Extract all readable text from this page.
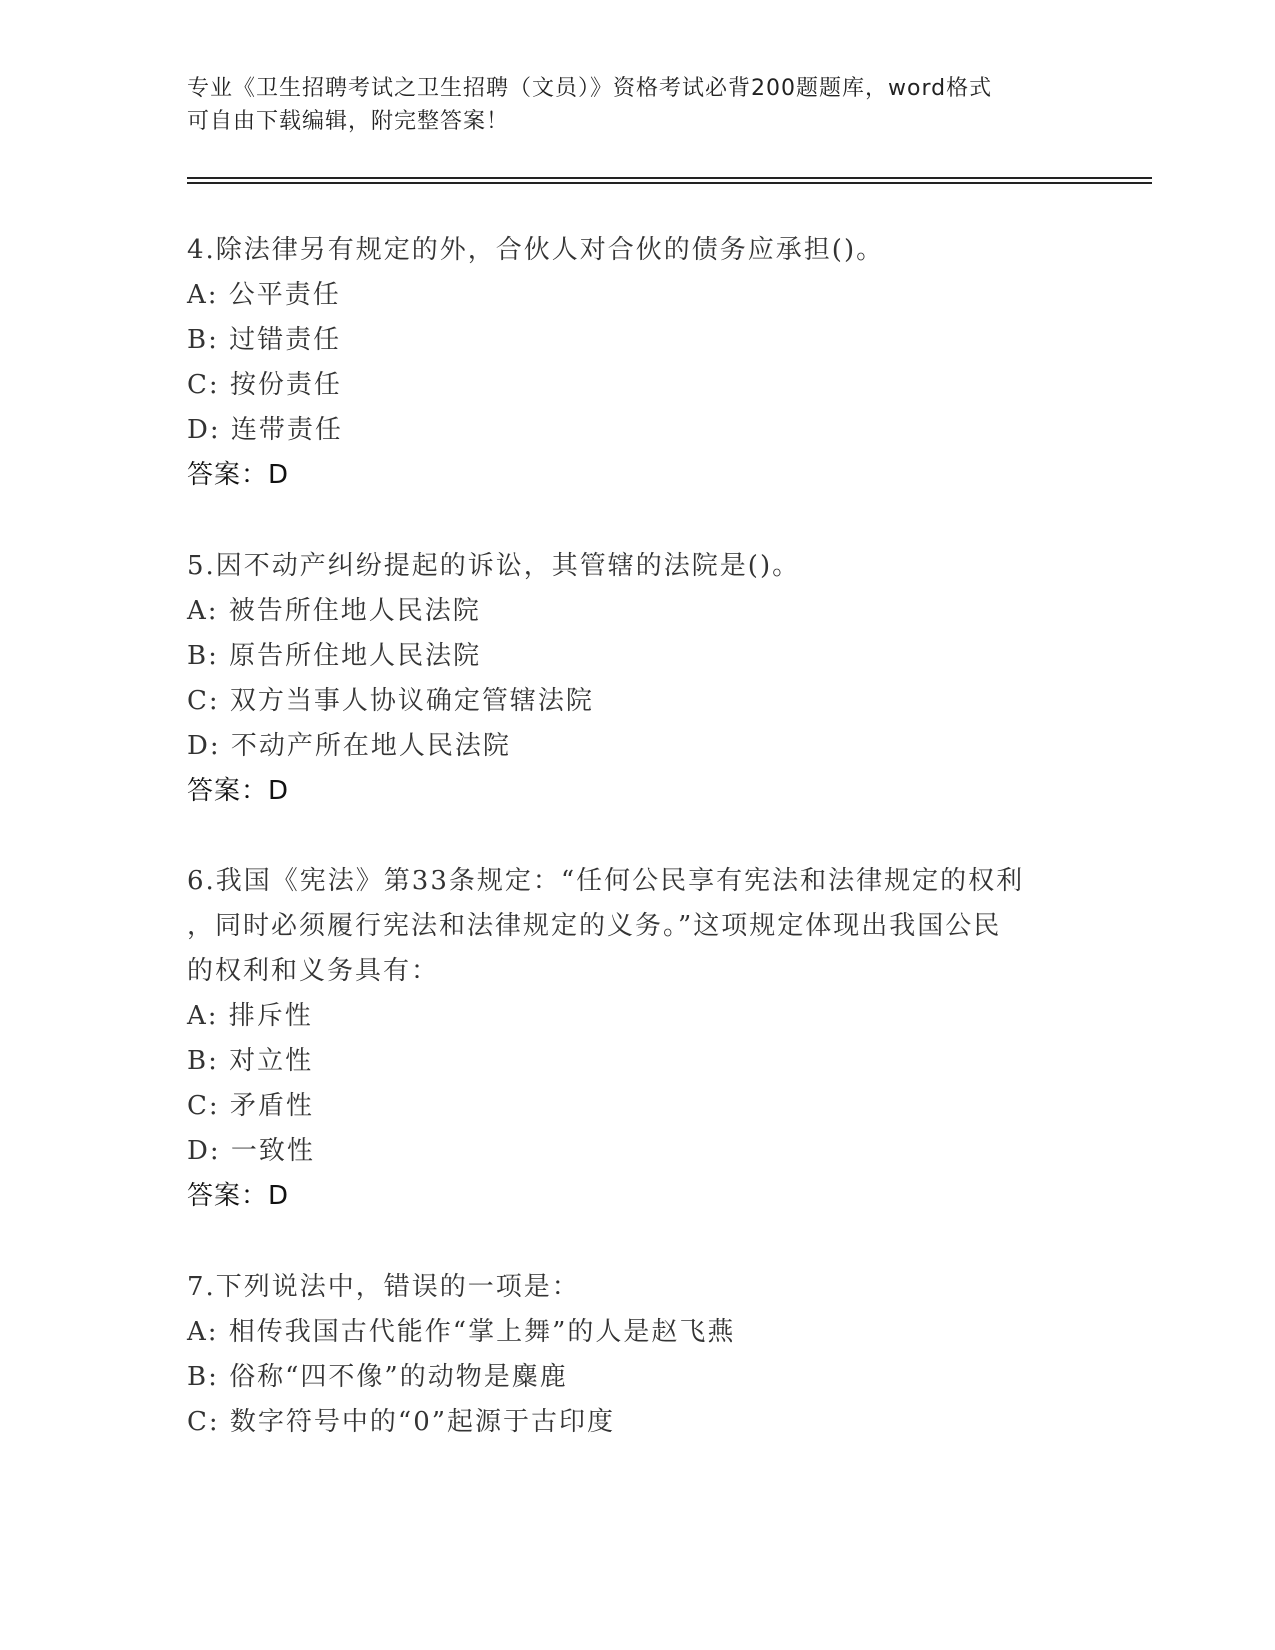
专业《卫生招聘考试之卫生招聘（文员）》资格考试必背200题题库，word格式
可自由下载编辑，附完整答案！
4.除法律另有规定的外，合伙人对合伙的债务应承担()。
A: 公平责任
B: 过错责任
C: 按份责任
D: 连带责任
答案：D
5.因不动产纠纷提起的诉讼，其管辖的法院是()。
A: 被告所住地人民法院
B: 原告所住地人民法院
C: 双方当事人协议确定管辖法院
D: 不动产所在地人民法院
答案：D
6.我国《宪法》第33条规定：“任何公民享有宪法和法律规定的权利
，同时必须履行宪法和法律规定的义务。”这项规定体现出我国公民
的权利和义务具有：
A: 排斥性
B: 对立性
C: 矛盾性
D: 一致性
答案：D
7.下列说法中，错误的一项是：
A: 相传我国古代能作“掌上舞”的人是赵飞燕
B: 俗称“四不像”的动物是麋鹿
C: 数字符号中的“0”起源于古印度
